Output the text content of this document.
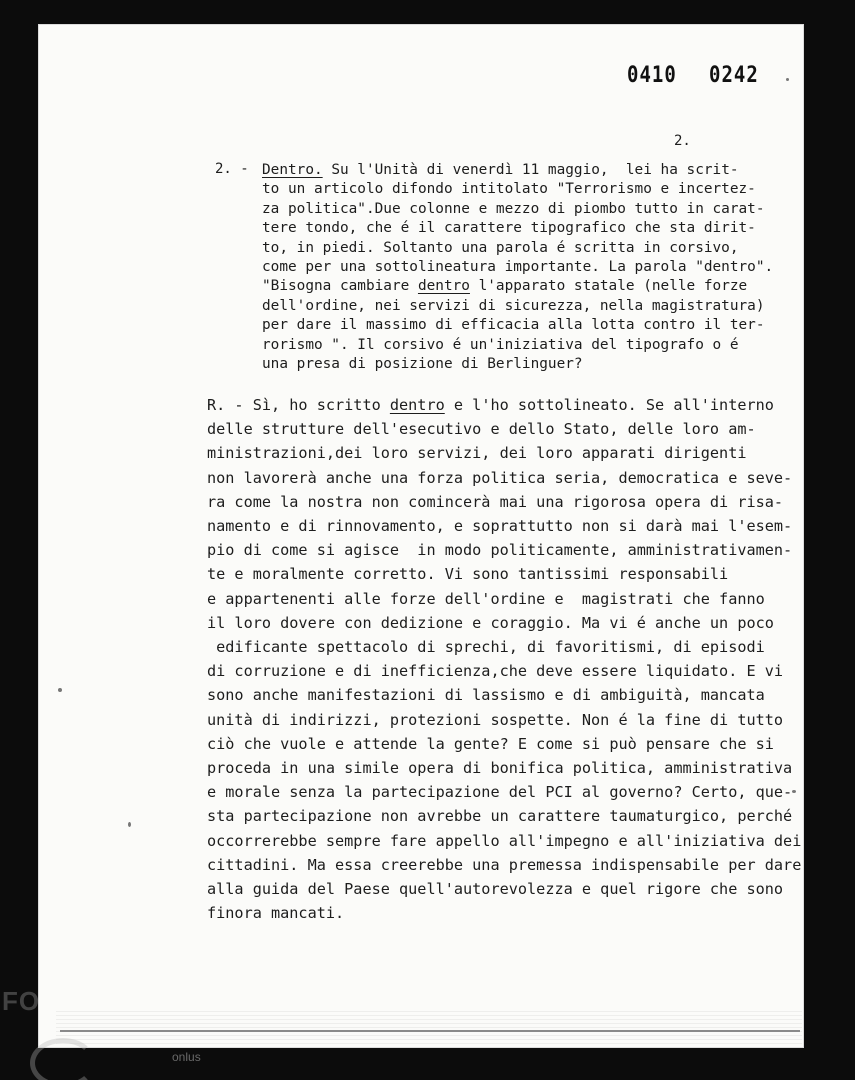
0410 0242
2.
2. - Dentro. Su l'Unità di venerdì 11 maggio,  lei ha scrit-
to un articolo difondo intitolato "Terrorismo e incertez-
za politica".Due colonne e mezzo di piombo tutto in carat-
tere tondo, che é il carattere tipografico che sta dirit-
to, in piedi. Soltanto una parola é scritta in corsivo,
come per una sottolineatura importante. La parola "dentro".
"Bisogna cambiare dentro l'apparato statale (nelle forze
dell'ordine, nei servizi di sicurezza, nella magistratura)
per dare il massimo di efficacia alla lotta contro il ter-
rorismo ". Il corsivo é un'iniziativa del tipografo o é
una presa di posizione di Berlinguer?

R. - Sì, ho scritto dentro e l'ho sottolineato. Se all'interno
delle strutture dell'esecutivo e dello Stato, delle loro am-
ministrazioni,dei loro servizi, dei loro apparati dirigenti
non lavorerà anche una forza politica seria, democratica e seve-
ra come la nostra non comincerà mai una rigorosa opera di risa-
namento e di rinnovamento, e soprattutto non si darà mai l'esem-
pio di come si agisce  in modo politicamente, amministrativamen-
te e moralmente corretto. Vi sono tantissimi responsabili
e appartenenti alle forze dell'ordine e  magistrati che fanno
il loro dovere con dedizione e coraggio. Ma vi é anche un poco
edificante spettacolo di sprechi, di favoritismi, di episodi
di corruzione e di inefficienza,che deve essere liquidato. E vi
sono anche manifestazioni di lassismo e di ambiguità, mancata
unità di indirizzi, protezioni sospette. Non é la fine di tutto
ciò che vuole e attende la gente? E come si può pensare che si
proceda in una simile opera di bonifica politica, amministrativa
e morale senza la partecipazione del PCI al governo? Certo, que-
sta partecipazione non avrebbe un carattere taumaturgico, perché
occorrerebbe sempre fare appello all'impegno e all'iniziativa dei
cittadini. Ma essa creerebbe una premessa indispensabile per dare
alla guida del Paese quell'autorevolezza e quel rigore che sono
finora mancati.

FO
onlus
